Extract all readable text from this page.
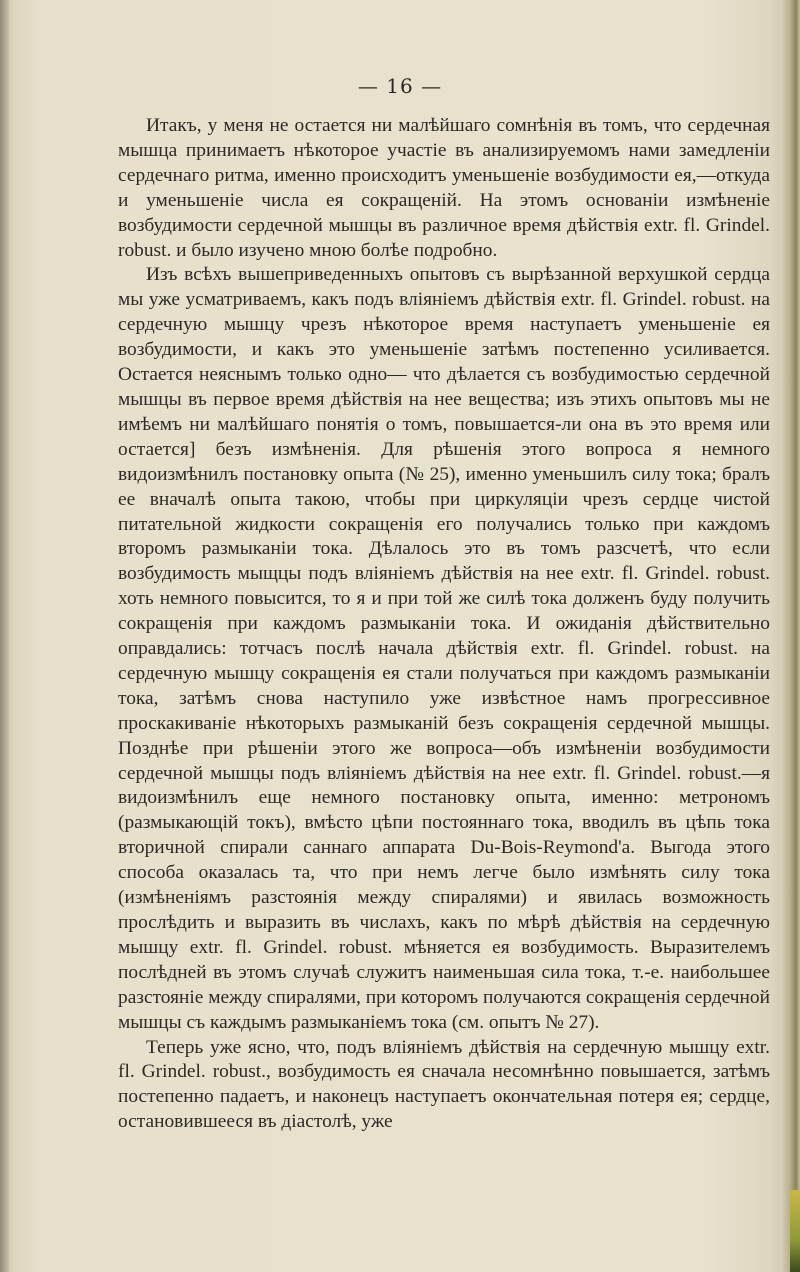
— 16 —

Итакъ, у меня не остается ни малѣйшаго сомнѣнія въ томъ, что сердечная мышца принимаетъ нѣкоторое участіе въ анализируемомъ нами замедленіи сердечнагo ритма, именно происходитъ уменьшеніе возбудимости ея,—откуда и уменьшеніе числа ея сокращеній. На этомъ основаніи измѣненіе возбудимости сердечной мышцы въ различное время дѣйствія extr. fl. Grindel. robust. и было изучено мною болѣе подробно.

Изъ всѣхъ вышеприведенныхъ опытовъ съ вырѣзанной верхушкой сердца мы уже усматриваемъ, какъ подъ вліяніемъ дѣйствія extr. fl. Grindel. robust. на сердечную мышцу чрезъ нѣкоторое время наступаетъ уменьшеніе ея возбудимости, и какъ это уменьшеніе затѣмъ постепенно усиливается. Остается неяснымъ только одно— что дѣлается съ возбудимостью сердечной мышцы въ первое время дѣйствія на нее вещества; изъ этихъ опытовъ мы не имѣемъ ни малѣйшаго понятія о томъ, повышается-ли она въ это время или остается] безъ измѣненія. Для рѣшенія этого вопроса я немного видоизмѣнилъ постановку опыта (№ 25), именно уменьшилъ силу тока; бралъ ее вначалѣ опыта такою, чтобы при циркуляціи чрезъ сердце чистой питательной жидкости сокращенія его получались только при каждомъ второмъ размыканіи тока. Дѣлалось это въ томъ разсчетѣ, что если возбудимость мыщцы подъ вліяніемъ дѣйствія на нее extr. fl. Grindel. robust. хоть немного повысится, то я и при той же силѣ тока долженъ буду получить сокращенія при каждомъ размыканіи тока. И ожиданія дѣйствительно оправдались: тотчасъ послѣ начала дѣйствія extr. fl. Grindel. robust. на сердечную мышцу сокращенія ея стали получаться при каждомъ размыканіи тока, затѣмъ снова наступило уже извѣстное намъ прогрессивное проскакиваніе нѣкоторыхъ размыканій безъ сокращенія сердечной мышцы. Позднѣе при рѣшеніи этого же вопроса—объ измѣненіи возбудимости сердечной мышцы подъ вліяніемъ дѣйствія на нее extr. fl. Grindel. robust.—я видоизмѣнилъ еще немного постановку опыта, именно: метрономъ (размыкающій токъ), вмѣсто цѣпи постояннаго тока, вводилъ въ цѣпь тока вторичной спирали саннаго аппарата Du-Bois-Reymond'а. Выгода этого способа оказалась та, что при немъ легче было измѣнять силу тока (измѣненіямъ разстоянія между спиралями) и явилась возможность прослѣдить и выразить въ числахъ, какъ по мѣрѣ дѣйствія на сердечную мышцу extr. fl. Grindel. robust. мѣняется ея возбудимость. Выразителемъ послѣдней въ этомъ случаѣ служитъ наименьшая сила тока, т.-е. наибольшее разстояніе между спиралями, при которомъ получаются сокращенія сердечной мышцы съ каждымъ размыканіемъ тока (см. опытъ № 27).

Теперь уже ясно, что, подъ вліяніемъ дѣйствія на сердечную мышцу extr. fl. Grindel. robust., возбудимость ея сначала несомнѣнно повышается, затѣмъ постепенно падаетъ, и наконецъ наступаетъ окончательная потеря ея; сердце, остановившееся въ діастолѣ, уже
